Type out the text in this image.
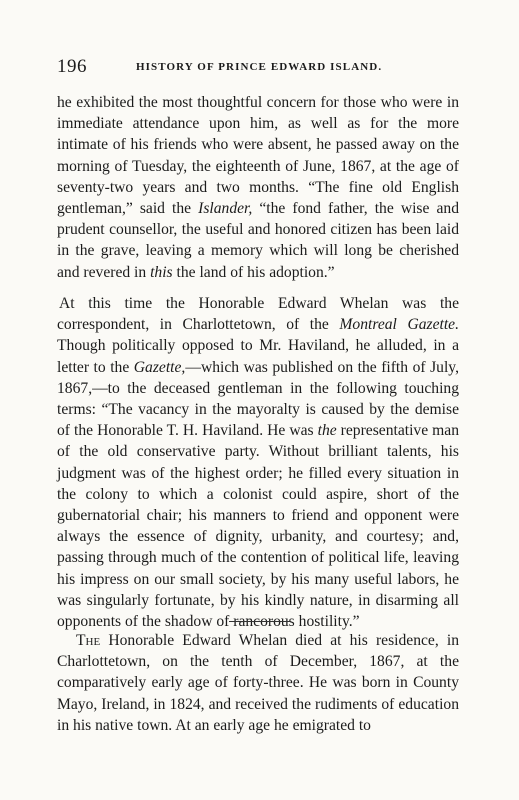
196	HISTORY OF PRINCE EDWARD ISLAND.

he exhibited the most thoughtful concern for those who were in immediate attendance upon him, as well as for the more intimate of his friends who were absent, he passed away on the morning of Tuesday, the eighteenth of June, 1867, at the age of seventy-two years and two months. “The fine old English gentleman,” said the Islander, “the fond father, the wise and prudent counsellor, the useful and honored citizen has been laid in the grave, leaving a memory which will long be cherished and revered in this the land of his adoption.”

At this time the Honorable Edward Whelan was the correspondent, in Charlottetown, of the Montreal Gazette. Though politically opposed to Mr. Haviland, he alluded, in a letter to the Gazette,—which was published on the fifth of July, 1867,—to the deceased gentleman in the following touching terms: “The vacancy in the mayoralty is caused by the demise of the Honorable T. H. Haviland. He was the representative man of the old conservative party. Without brilliant talents, his judgment was of the highest order; he filled every situation in the colony to which a colonist could aspire, short of the gubernatorial chair; his manners to friend and opponent were always the essence of dignity, urbanity, and courtesy; and, passing through much of the contention of political life, leaving his impress on our small society, by his many useful labors, he was singularly fortunate, by his kindly nature, in disarming all opponents of the shadow of rancorous hostility.”

The Honorable Edward Whelan died at his residence, in Charlottetown, on the tenth of December, 1867, at the comparatively early age of forty-three. He was born in County Mayo, Ireland, in 1824, and received the rudiments of education in his native town. At an early age he emigrated to
